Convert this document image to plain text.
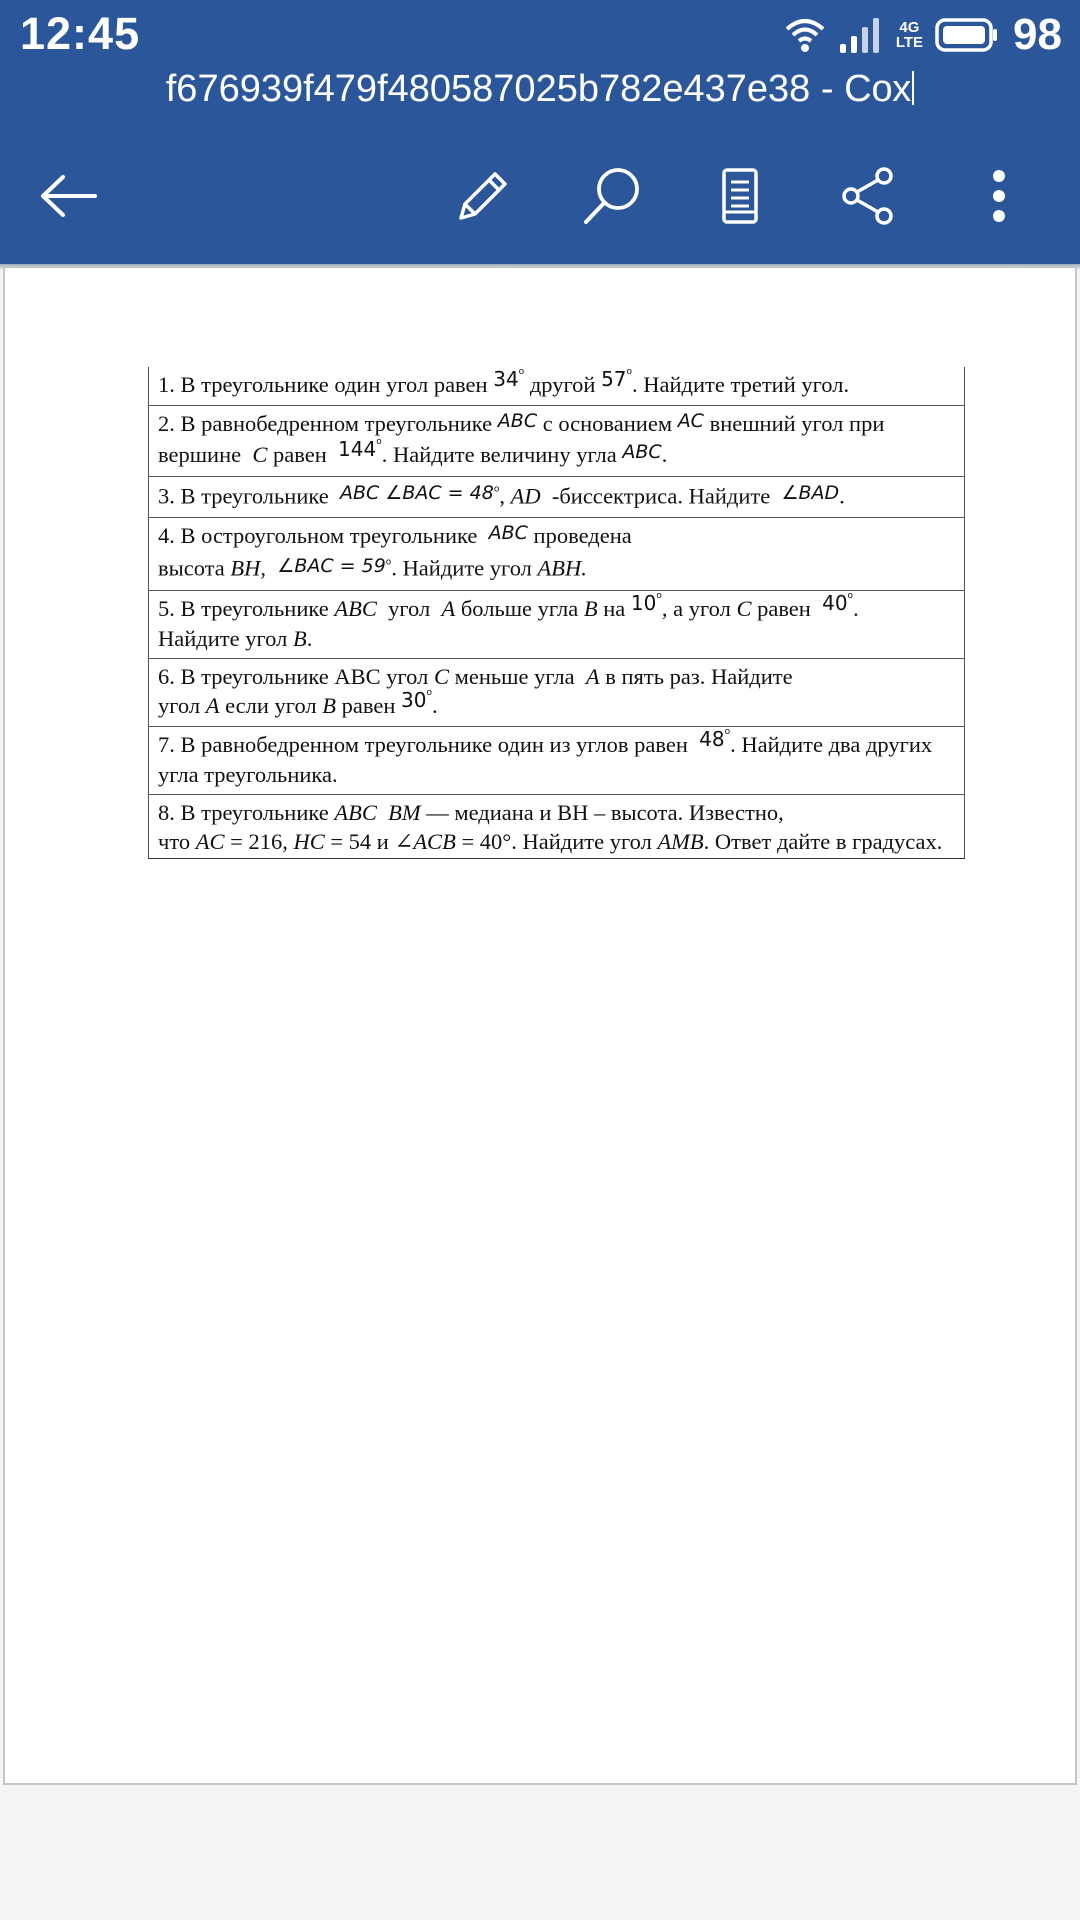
12:45	4G
LTE 98
f676939f479f480587025b782e437e38 - Сох
1. В треугольнике один угол равен 34$^o$ другой 57$^o$. Найдите третий угол.
2. В равнобедренном треугольнике ABC с основанием AC внешний угол при вершине C равен 144$^o$. Найдите величину угла ABC.
3. В треугольнике ABC ∠BAC = $48^o$, AD -биссектриса. Найдите ∠BAD.
4. В остроугольном треугольнике ABC проведена
высота BH, ∠BAC = $59^o$. Найдите угол ABH.
5. В треугольнике ABC угол A больше угла B на 10$^o$, а угол C равен 40$^o$.
Найдите угол B.
6. В треугольнике АВС угол C меньше угла A в пять раз. Найдите
угол A если угол B равен 30$^o$.
7. В равнобедренном треугольнике один из углов равен 48$^o$. Найдите два других угла треугольника.
8. В треугольнике ABC BM — медиана и ВН – высота. Известно,
что AC = 216, HC = 54 и ∠ACB = 40°. Найдите угол AMB. Ответ дайте в градусах.
